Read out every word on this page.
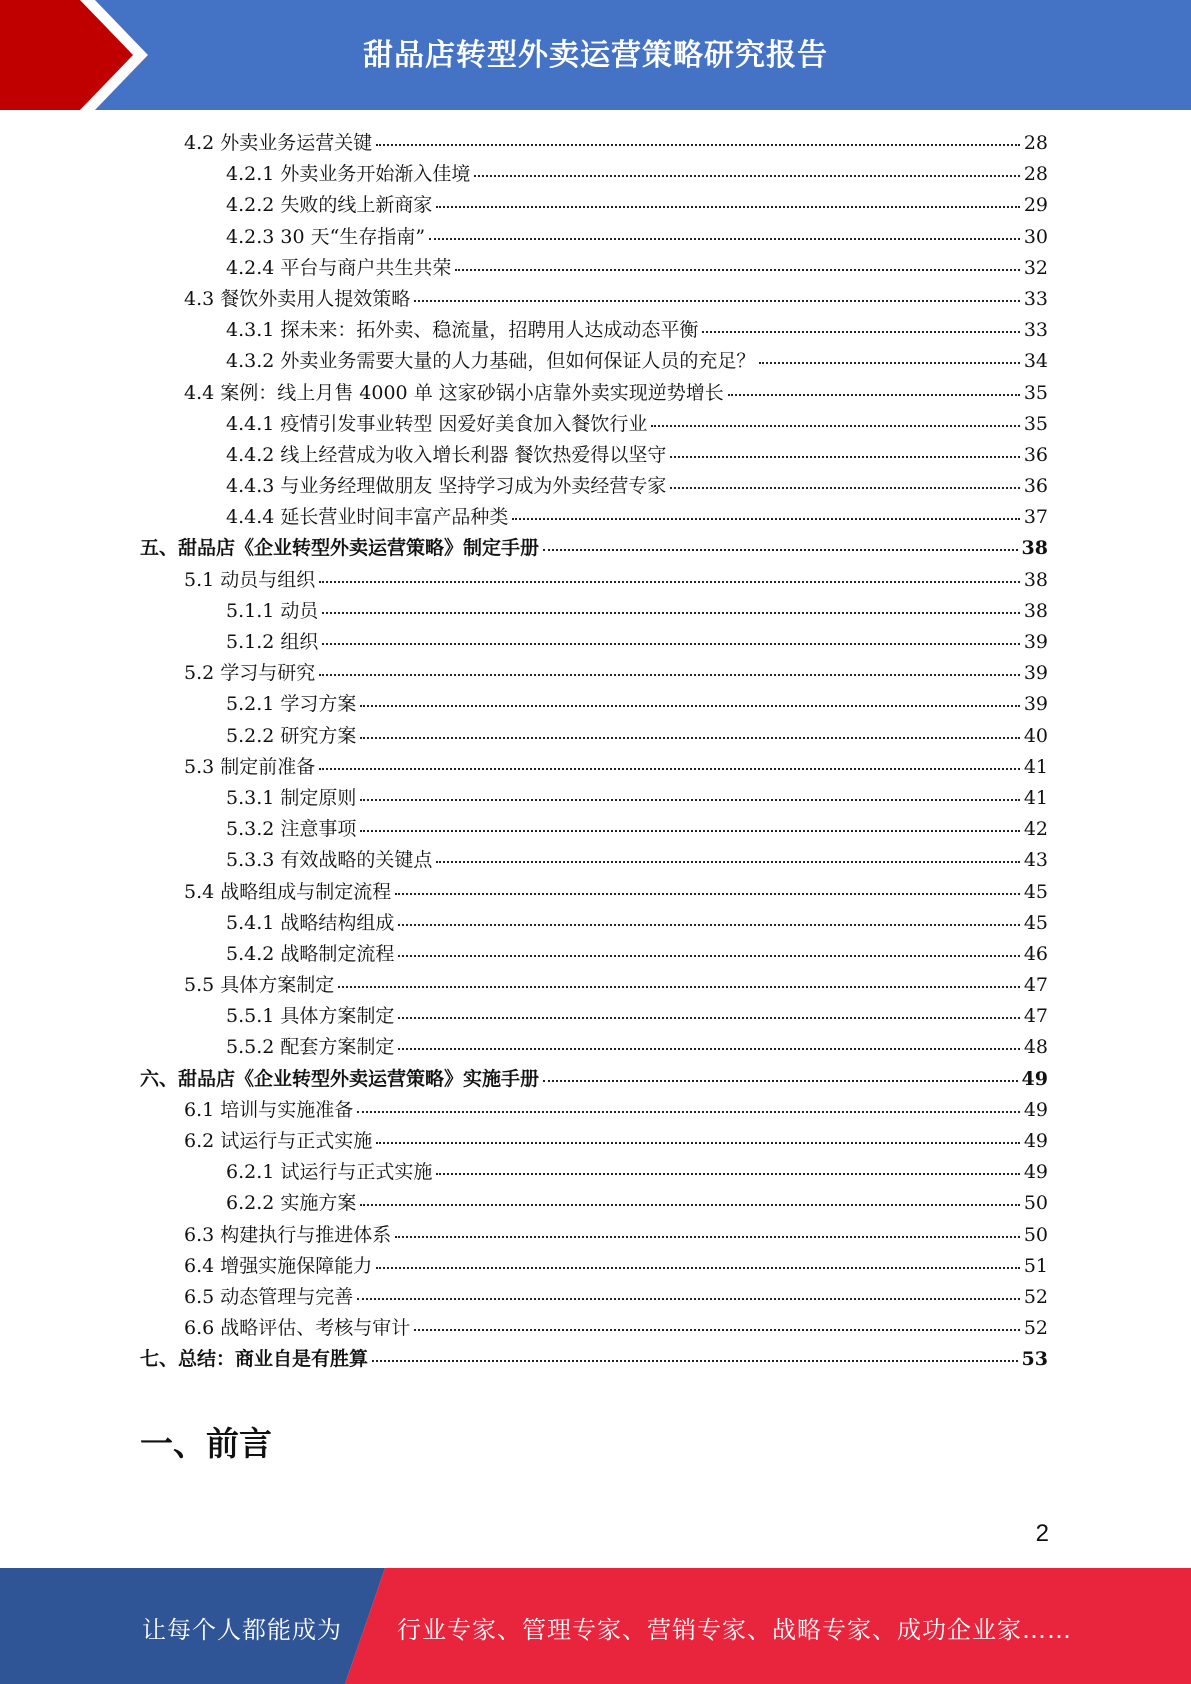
甜品店转型外卖运营策略研究报告
4.2 外卖业务运营关键	28
4.2.1 外卖业务开始渐入佳境	28
4.2.2 失败的线上新商家	29
4.2.3 30 天“生存指南”	30
4.2.4 平台与商户共生共荣	32
4.3 餐饮外卖用人提效策略	33
4.3.1 探未来：拓外卖、稳流量，招聘用人达成动态平衡	33
4.3.2 外卖业务需要大量的人力基础，但如何保证人员的充足？	34
4.4 案例：线上月售 4000 单 这家砂锅小店靠外卖实现逆势增长	35
4.4.1 疫情引发事业转型 因爱好美食加入餐饮行业	35
4.4.2 线上经营成为收入增长利器 餐饮热爱得以坚守	36
4.4.3 与业务经理做朋友 坚持学习成为外卖经营专家	36
4.4.4 延长营业时间丰富产品种类	37
五、甜品店《企业转型外卖运营策略》制定手册	38
5.1 动员与组织	38
5.1.1 动员	38
5.1.2 组织	39
5.2 学习与研究	39
5.2.1 学习方案	39
5.2.2 研究方案	40
5.3 制定前准备	41
5.3.1 制定原则	41
5.3.2 注意事项	42
5.3.3 有效战略的关键点	43
5.4 战略组成与制定流程	45
5.4.1 战略结构组成	45
5.4.2 战略制定流程	46
5.5 具体方案制定	47
5.5.1 具体方案制定	47
5.5.2 配套方案制定	48
六、甜品店《企业转型外卖运营策略》实施手册	49
6.1 培训与实施准备	49
6.2 试运行与正式实施	49
6.2.1 试运行与正式实施	49
6.2.2 实施方案	50
6.3 构建执行与推进体系	50
6.4 增强实施保障能力	51
6.5 动态管理与完善	52
6.6 战略评估、考核与审计	52
七、总结：商业自是有胜算	53
一、前言
2
让每个人都能成为 行业专家、管理专家、营销专家、战略专家、成功企业家……
